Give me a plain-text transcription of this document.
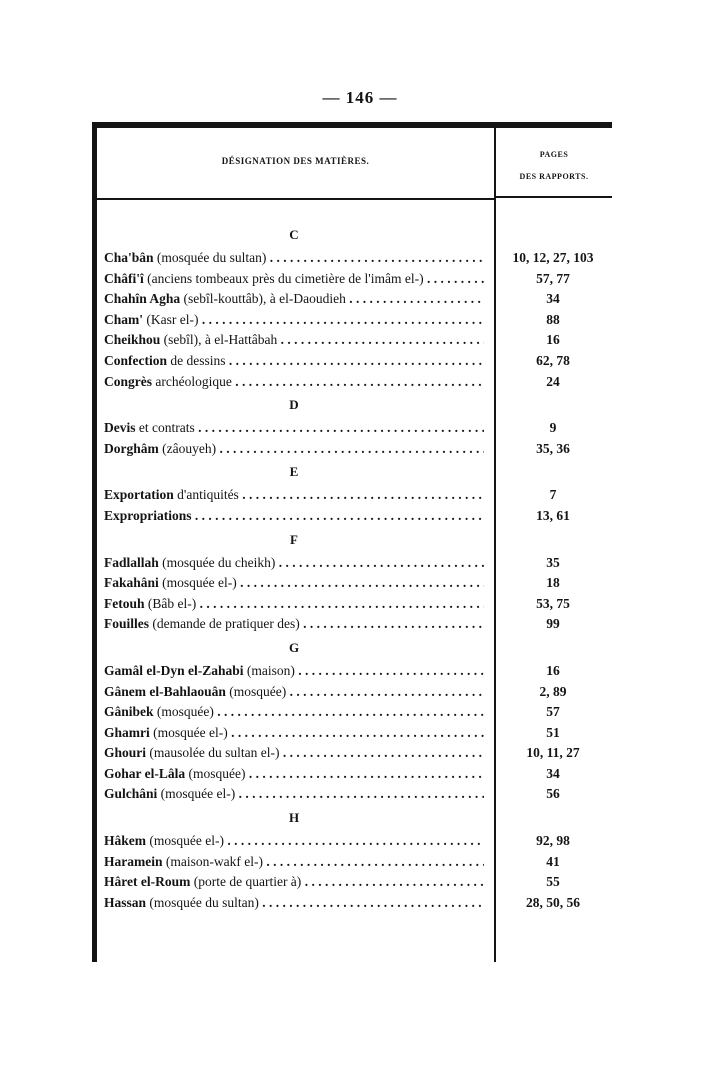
— 146 —
DÉSIGNATION DES MATIÈRES.
PAGES
DES RAPPORTS.
C
Cha'bân (mosquée du sultan) . . .	10, 12, 27, 103
Châfi'î (anciens tombeaux près du cimetière de l'imâm el-) . . .	57, 77
Chahîn Agha (sebîl-kouttâb), à el-Daoudieh . . .	34
Cham' (Kasr el-) . . .	88
Cheikhou (sebîl), à el-Hattâbah . . .	16
Confection de dessins . . .	62, 78
Congrès archéologique . . .	24
D
Devis et contrats . . .	9
Dorghâm (zâouyeh) . . .	35, 36
E
Exportation d'antiquités . . .	7
Expropriations . . .	13, 61
F
Fadlallah (mosquée du cheikh) . . .	35
Fakahâni (mosquée el-) . . .	18
Fetouh (Bâb el-) . . .	53, 75
Fouilles (demande de pratiquer des) . . .	99
G
Gamâl el-Dyn el-Zahabi (maison) . . .	16
Gânem el-Bahlaouân (mosquée) . . .	2, 89
Gânibek (mosquée) . . .	57
Ghamri (mosquée el-) . . .	51
Ghouri (mausolée du sultan el-) . . .	10, 11, 27
Gohar el-Lâla (mosquée) . . .	34
Gulchâni (mosquée el-) . . .	56
H
Hâkem (mosquée el-) . . .	92, 98
Haramein (maison-wakf el-) . . .	41
Hâret el-Roum (porte de quartier à) . . .	55
Hassan (mosquée du sultan) . . .	28, 50, 56
